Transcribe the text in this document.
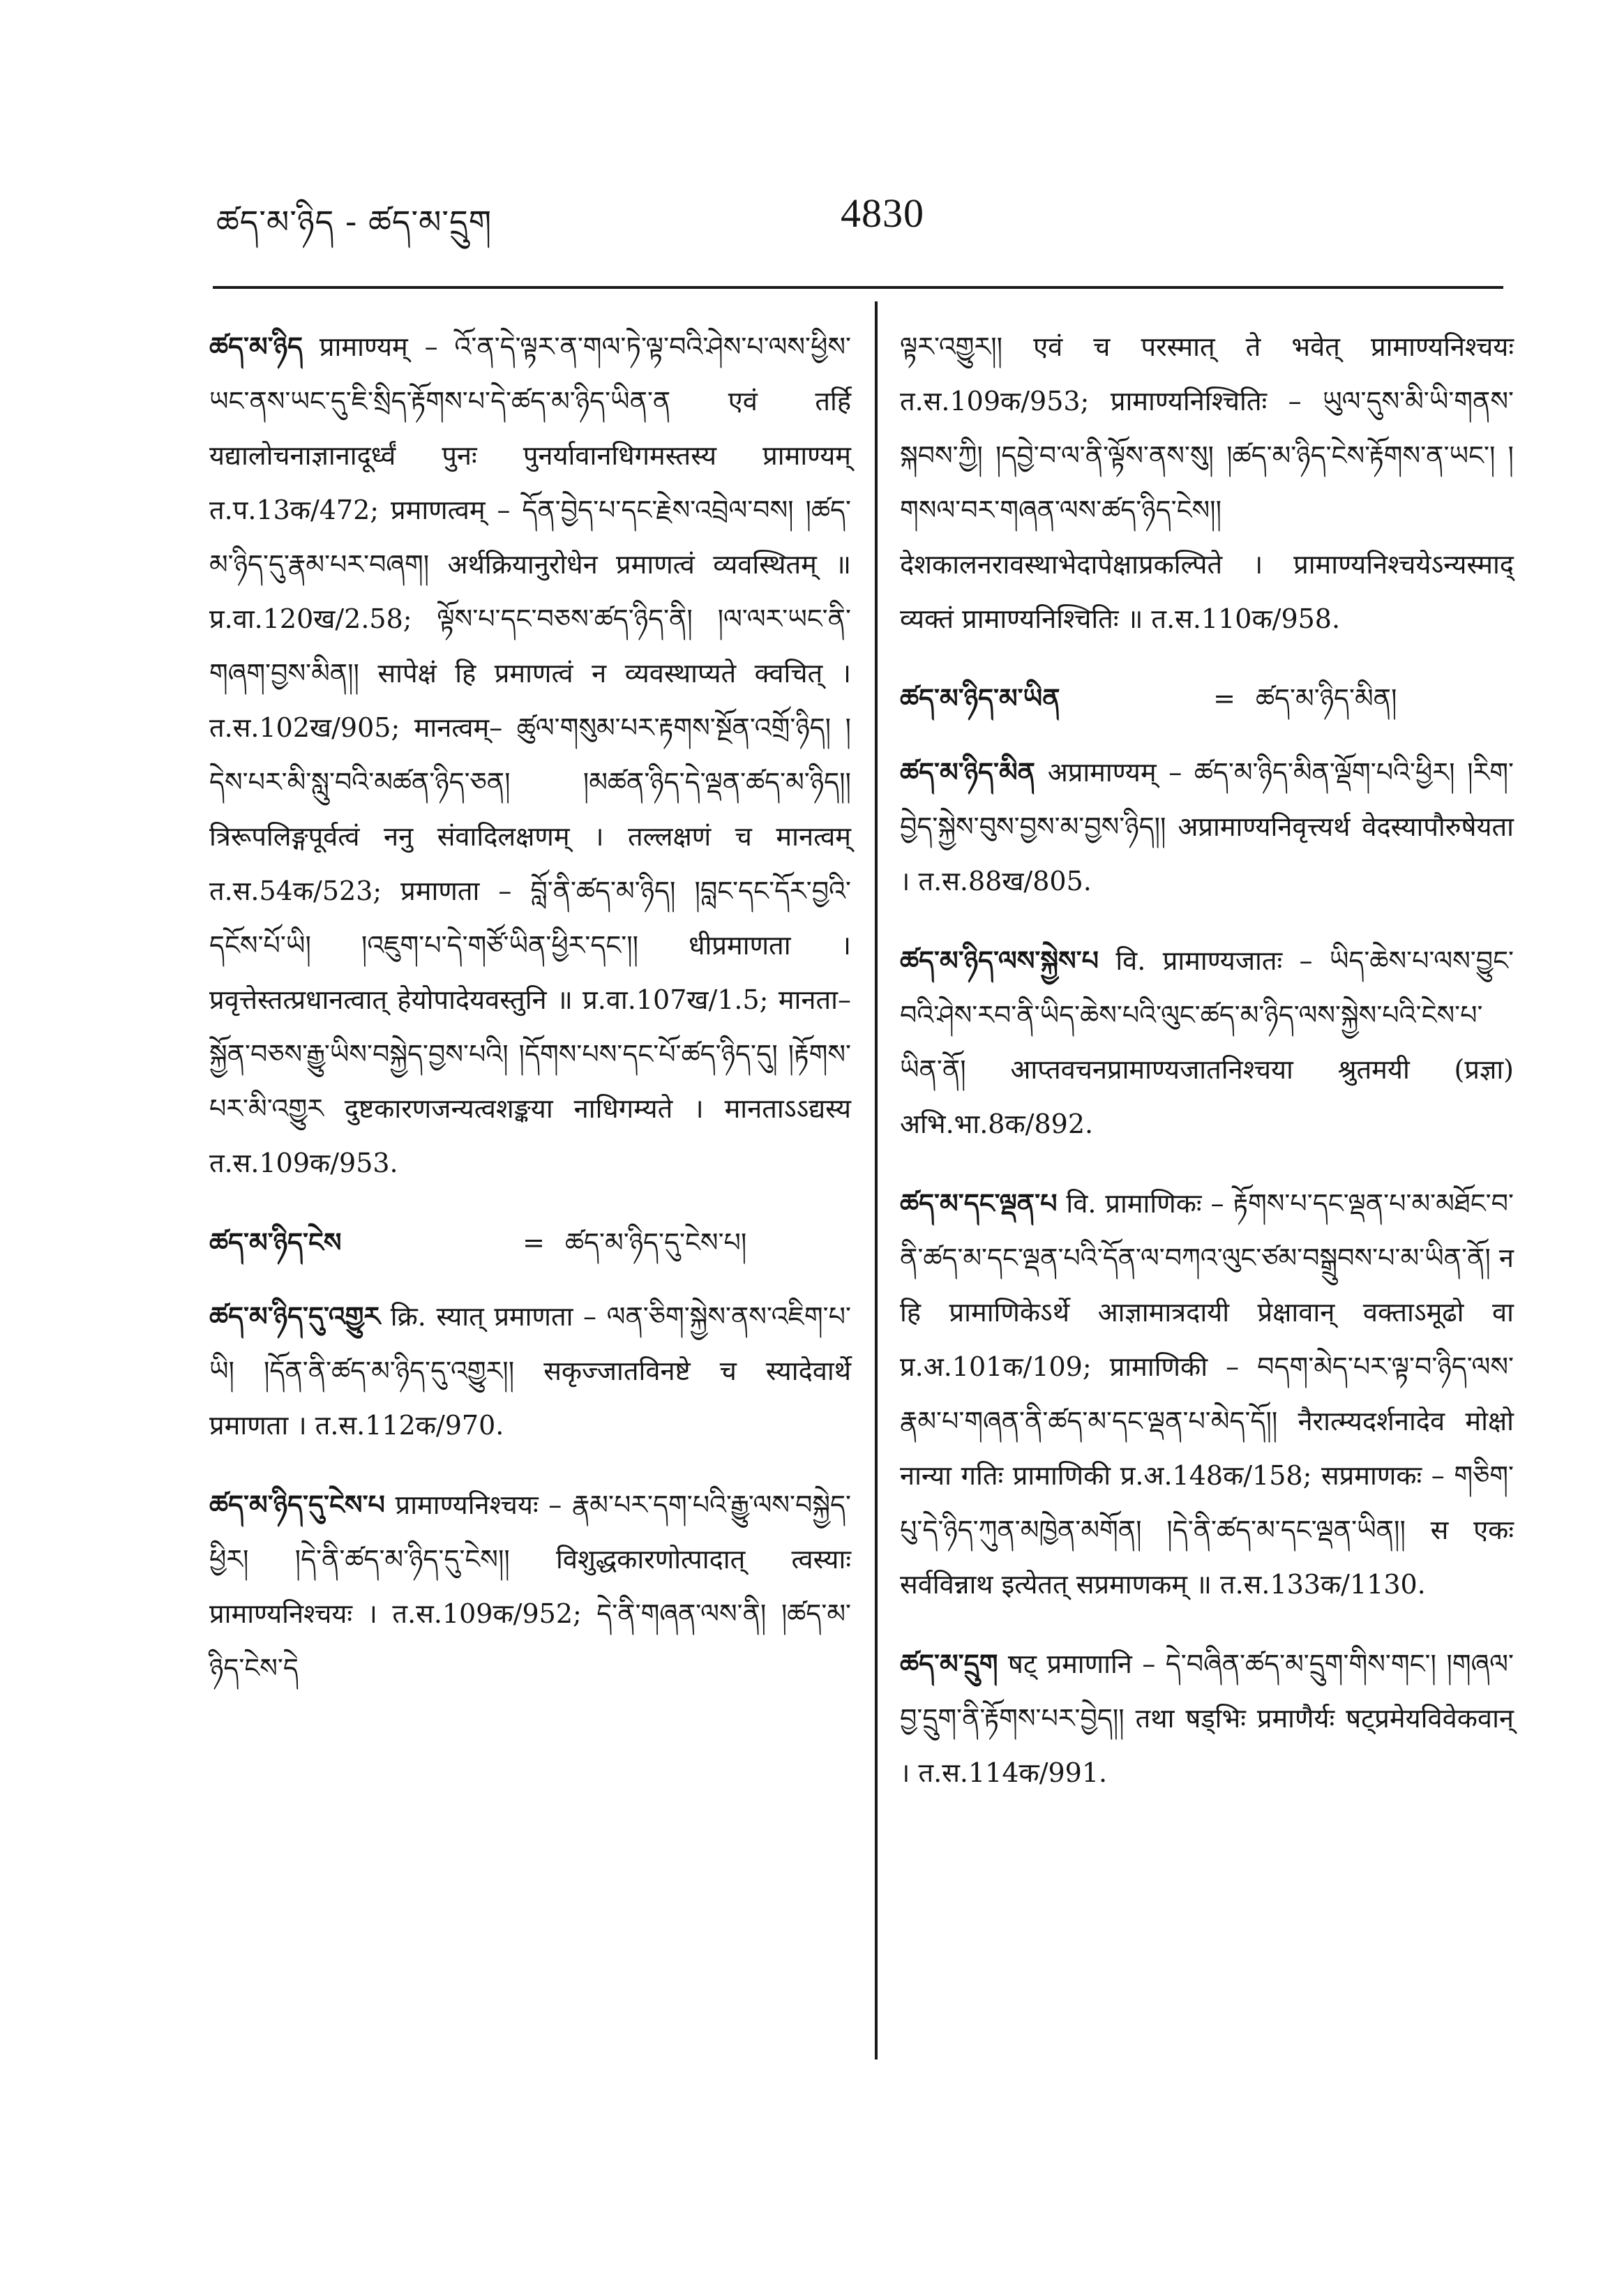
ཚད་མ་ཉིད - ཚད་མ་དྲུག	4830
ཚད་མ་ཉིད प्रामाण्यम् – འོ་ན་དེ་ལྟར་ན་གལ་ཏེ་ལྟ་བའི་ཤེས་པ་ལས་ཕྱིས་ཡང་ནས་ཡང་དུ་ཇི་སྲིད་རྟོགས་པ་དེ་ཚད་མ་ཉིད་ཡིན་ན एवं तर्हि यद्यालोचनाज्ञानादूर्ध्वं पुनः पुनर्यावानधिगमस्तस्य प्रामाण्यम् त.प.13क/472; प्रमाणत्वम् – དོན་བྱེད་པ་དང་རྗེས་འབྲེལ་བས། །ཚད་མ་ཉིད་དུ་རྣམ་པར་བཞག། अर्थक्रियानुरोधेन प्रमाणत्वं व्यवस्थितम् ॥ प्र.वा.120ख/2.58; ལྟོས་པ་དང་བཅས་ཚད་ཉིད་ནི། །ལ་ལར་ཡང་ནི་གཞག་བྱས་མིན།། सापेक्षं हि प्रमाणत्वं न व्यवस्थाप्यते क्वचित् । त.स.102ख/905; मानत्वम्– ཚུལ་གསུམ་པར་རྟགས་སྔོན་འགྲོ་ཉིད། །དེས་པར་མི་སླུ་བའི་མཚན་ཉིད་ཅན། །མཚན་ཉིད་དེ་ལྡན་ཚད་མ་ཉིད།། त्रिरूपलिङ्गपूर्वत्वं ननु संवादिलक्षणम् । तल्लक्षणं च मानत्वम् त.स.54क/523; प्रमाणता – བློ་ནི་ཚད་མ་ཉིད། །བླང་དང་དོར་བྱའི་དངོས་པོ་ཡི། །འཇུག་པ་དེ་གཙོ་ཡིན་ཕྱིར་དང་།། धीप्रमाणता । प्रवृत्तेस्तत्प्रधानत्वात् हेयोपादेयवस्तुनि ॥ प्र.वा.107ख/1.5; मानता– སྐྱོན་བཅས་རྒྱུ་ཡིས་བསྐྱེད་བྱས་པའི། །དོགས་པས་དང་པོ་ཚད་ཉིད་དུ། །རྟོགས་པར་མི་འགྱུར दुष्टकारणजन्यत्वशङ्कया नाधिगम्यते । मानताऽऽद्यस्य त.स.109क/953.
ཚད་མ་ཉིད་ངེས	= ཚད་མ་ཉིད་དུ་ངེས་པ།
ཚད་མ་ཉིད་དུ་འགྱུར क्रि. स्यात् प्रमाणता – ལན་ཅིག་སྐྱེས་ནས་འཇིག་པ་ཡི། །དོན་ནི་ཚད་མ་ཉིད་དུ་འགྱུར།། सकृज्जातविनष्टे च स्यादेवार्थे प्रमाणता । त.स.112क/970.
ཚད་མ་ཉིད་དུ་ངེས་པ प्रामाण्यनिश्चयः – རྣམ་པར་དག་པའི་རྒྱུ་ལས་བསྐྱེད་ཕྱིར། །དེ་ནི་ཚད་མ་ཉིད་དུ་ངེས།། विशुद्धकारणोत्पादात् त्वस्याः प्रामाण्यनिश्चयः । त.स.109क/952; དེ་ནི་གཞན་ལས་ནི། །ཚད་མ་ཉིད་ངེས་དེ
ལྟར་འགྱུར།། एवं च परस्मात् ते भवेत् प्रामाण्यनिश्चयः त.स.109क/953; प्रामाण्यनिश्चितिः – ཡུལ་དུས་མི་ཡི་གནས་སྐབས་ཀྱི། །དབྱེ་བ་ལ་ནི་ལྟོས་ནས་སུ། །ཚད་མ་ཉིད་ངེས་རྟོགས་ན་ཡང་། །གསལ་བར་གཞན་ལས་ཚད་ཉིད་ངེས།། देशकालनरावस्थाभेदापेक्षाप्रकल्पिते । प्रामाण्यनिश्चयेऽन्यस्माद् व्यक्तं प्रामाण्यनिश्चितिः ॥ त.स.110क/958.
ཚད་མ་ཉིད་མ་ཡིན	= ཚད་མ་ཉིད་མིན།
ཚད་མ་ཉིད་མིན अप्रामाण्यम् – ཚད་མ་ཉིད་མིན་ལྡོག་པའི་ཕྱིར། །རིག་བྱེད་སྐྱེས་བུས་བྱས་མ་བྱས་ཉིད།། अप्रामाण्यनिवृत्त्यर्थ वेदस्यापौरुषेयता । त.स.88ख/805.
ཚད་མ་ཉིད་ལས་སྐྱེས་པ वि. प्रामाण्यजातः – ཡིད་ཆེས་པ་ལས་བྱུང་བའི་ཤེས་རབ་ནི་ཡིད་ཆེས་པའི་ལུང་ཚད་མ་ཉིད་ལས་སྐྱེས་པའི་ངེས་པ་ཡིན་ནོ། आप्तवचनप्रामाण्यजातनिश्चया श्रुतमयी (प्रज्ञा) अभि.भा.8क/892.
ཚད་མ་དང་ལྡན་པ वि. प्रामाणिकः – རྟོགས་པ་དང་ལྡན་པ་མ་མཐོང་བ་ནི་ཚད་མ་དང་ལྡན་པའི་དོན་ལ་བཀའ་ལུང་ཙམ་བསྒྲུབས་པ་མ་ཡིན་ནོ། न हि प्रामाणिकेऽर्थे आज्ञामात्रदायी प्रेक्षावान् वक्ताऽमूढो वा प्र.अ.101क/109; प्रामाणिकी – བདག་མེད་པར་ལྟ་བ་ཉིད་ལས་རྣམ་པ་གཞན་ནི་ཚད་མ་དང་ལྡན་པ་མེད་དོ།། नैरात्म्यदर्शनादेव मोक्षो नान्या गतिः प्रामाणिकी प्र.अ.148क/158; सप्रमाणकः – གཅིག་པུ་དེ་ཉིད་ཀུན་མཁྱེན་མགོན། །དེ་ནི་ཚད་མ་དང་ལྡན་ཡིན།། स एकः सर्वविन्नाथ इत्येतत् सप्रमाणकम् ॥ त.स.133क/1130.
ཚད་མ་དྲུག षट् प्रमाणानि – དེ་བཞིན་ཚད་མ་དྲུག་གིས་གང་། །གཞལ་བྱ་དྲུག་ནི་རྟོགས་པར་བྱེད།། तथा षड्भिः प्रमाणैर्यः षट्प्रमेयविवेकवान् । त.स.114क/991.
